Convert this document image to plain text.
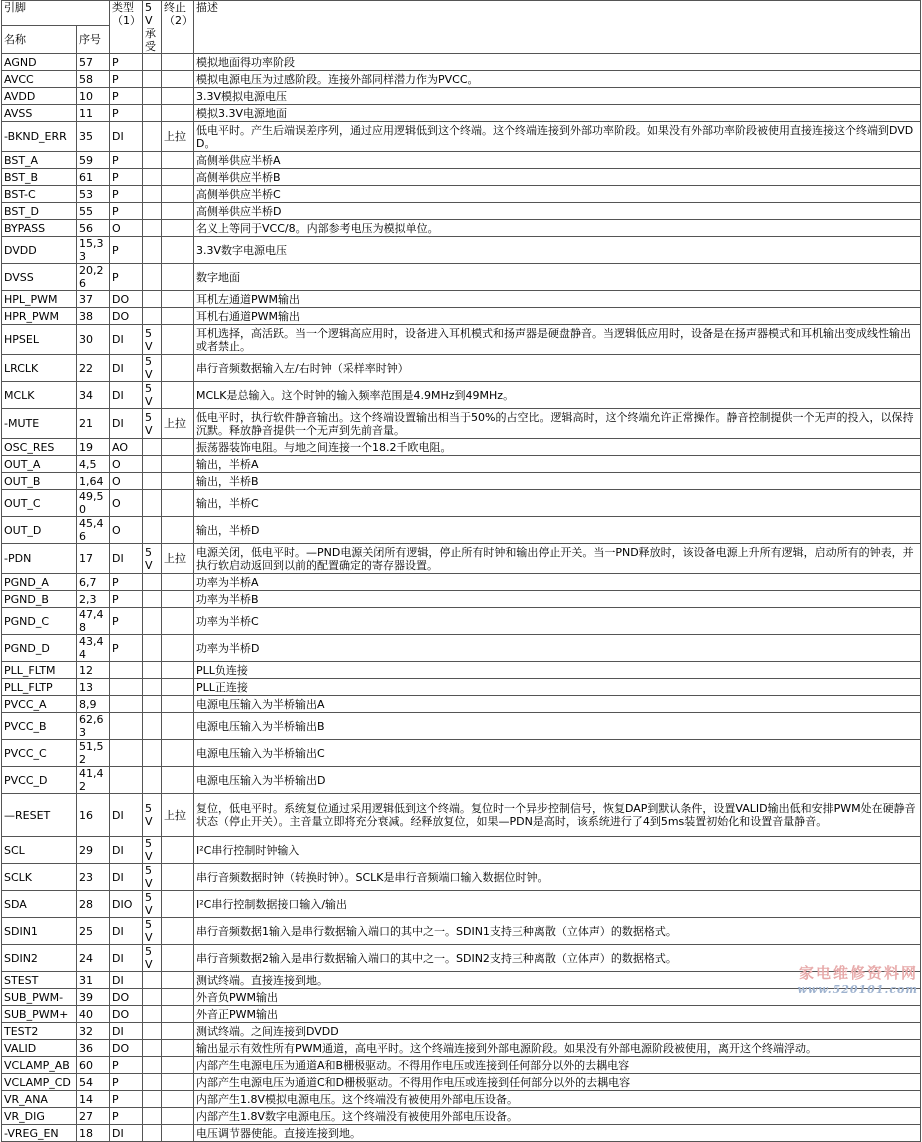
引脚		类型（1）	5V承受	终止（2）	描述
名称	序号				
AGND	57	P			模拟地面得功率阶段
AVCC	58	P			模拟电源电压为过感阶段。连接外部同样潜力作为PVCC。
AVDD	10	P			3.3V模拟电源电压
AVSS	11	P			模拟3.3V电源地面
-BKND_ERR	35	DI		上拉	低电平时。产生后端误差序列，通过应用逻辑低到这个终端。这个终端连接到外部功率阶段。如果没有外部功率阶段被使用直接连接这个终端到DVDD。
BST_A	59	P			高侧举供应半桥A
BST_B	61	P			高侧举供应半桥B
BST-C	53	P			高侧举供应半桥C
BST_D	55	P			高侧举供应半桥D
BYPASS	56	O			名义上等同于VCC/8。内部参考电压为模拟单位。
DVDD	15,33	P			3.3V数字电源电压
DVSS	20,26	P			数字地面
HPL_PWM	37	DO			耳机左通道PWM输出
HPR_PWM	38	DO			耳机右通道PWM输出
HPSEL	30	DI	5V		耳机选择，高活跃。当一个逻辑高应用时，设备进入耳机模式和扬声器是硬盘静音。当逻辑低应用时，设备是在扬声器模式和耳机输出变成线性输出或者禁止。
LRCLK	22	DI	5V		串行音频数据输入左/右时钟（采样率时钟）
MCLK	34	DI	5V		MCLK是总输入。这个时钟的输入频率范围是4.9MHz到49MHz。
-MUTE	21	DI	5V	上拉	低电平时，执行软件静音输出。这个终端设置输出相当于50%的占空比。逻辑高时，这个终端允许正常操作。静音控制提供一个无声的投入，以保持沉默。释放静音提供一个无声到先前音量。
OSC_RES	19	AO			振荡器装饰电阻。与地之间连接一个18.2千欧电阻。
OUT_A	4,5	O			输出，半桥A
OUT_B	1,64	O			输出，半桥B
OUT_C	49,50	O			输出，半桥C
OUT_D	45,46	O			输出，半桥D
-PDN	17	DI	5V	上拉	电源关闭，低电平时。—PND电源关闭所有逻辑，停止所有时钟和输出停止开关。当一PND释放时，该设备电源上升所有逻辑，启动所有的钟表，并执行软启动返回到以前的配置确定的寄存器设置。
PGND_A	6,7	P			功率为半桥A
PGND_B	2,3	P			功率为半桥B
PGND_C	47,48	P			功率为半桥C
PGND_D	43,44	P			功率为半桥D
PLL_FLTM	12				PLL负连接
PLL_FLTP	13				PLL正连接
PVCC_A	8,9				电源电压输入为半桥输出A
PVCC_B	62,63				电源电压输入为半桥输出B
PVCC_C	51,52				电源电压输入为半桥输出C
PVCC_D	41,42				电源电压输入为半桥输出D
—RESET	16	DI	5V	上拉	复位，低电平时。系统复位通过采用逻辑低到这个终端。复位时一个异步控制信号，恢复DAP到默认条件，设置VALID输出低和安排PWM处在硬静音状态（停止开关）。主音量立即将充分衰减。经释放复位，如果—PDN是高时，该系统进行了4到5ms装置初始化和设置音量静音。
SCL	29	DI	5V		I²C串行控制时钟输入
SCLK	23	DI	5V		串行音频数据时钟（转换时钟）。SCLK是串行音频端口输入数据位时钟。
SDA	28	DIO	5V		I²C串行控制数据接口输入/输出
SDIN1	25	DI	5V		串行音频数据1输入是串行数据输入端口的其中之一。SDIN1支持三种离散（立体声）的数据格式。
SDIN2	24	DI	5V		串行音频数据2输入是串行数据输入端口的其中之一。SDIN2支持三种离散（立体声）的数据格式。
STEST	31	DI			测试终端。直接连接到地。
SUB_PWM-	39	DO			外音负PWM输出
SUB_PWM+	40	DO			外音正PWM输出
TEST2	32	DI			测试终端。之间连接到DVDD
VALID	36	DO			输出显示有效性所有PWM通道，高电平时。这个终端连接到外部电源阶段。如果没有外部电源阶段被使用，离开这个终端浮动。
VCLAMP_AB	60	P			内部产生电源电压为通道A和B栅极驱动。不得用作电压或连接到任何部分以外的去耦电容
VCLAMP_CD	54	P			内部产生电源电压为通道C和D栅极驱动。不得用作电压或连接到任何部分以外的去耦电容
VR_ANA	14	P			内部产生1.8V模拟电源电压。这个终端没有被使用外部电压设备。
VR_DIG	27	P			内部产生1.8V数字电源电压。这个终端没有被使用外部电压设备。
-VREG_EN	18	DI			电压调节器使能。直接连接到地。
家电维修资料网
www.520101.com
